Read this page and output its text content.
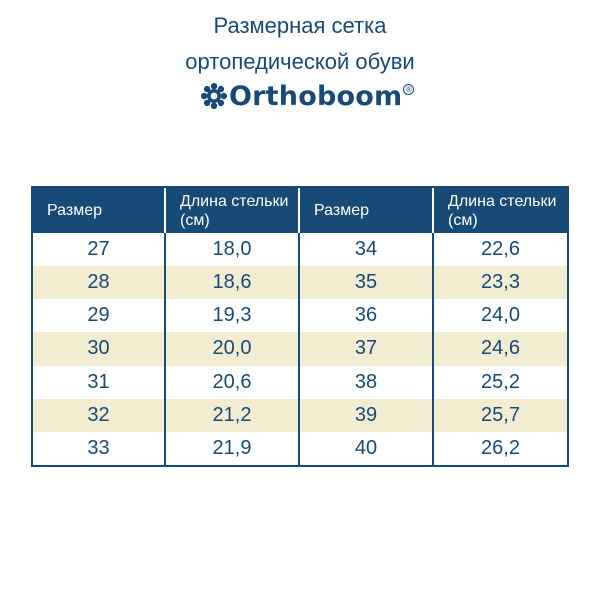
Размерная сетка
ортопедической обуви
Orthoboom ®
Размер	Длина стельки (см)	Размер	Длина стельки (см)
27	18,0	34	22,6
28	18,6	35	23,3
29	19,3	36	24,0
30	20,0	37	24,6
31	20,6	38	25,2
32	21,2	39	25,7
33	21,9	40	26,2
